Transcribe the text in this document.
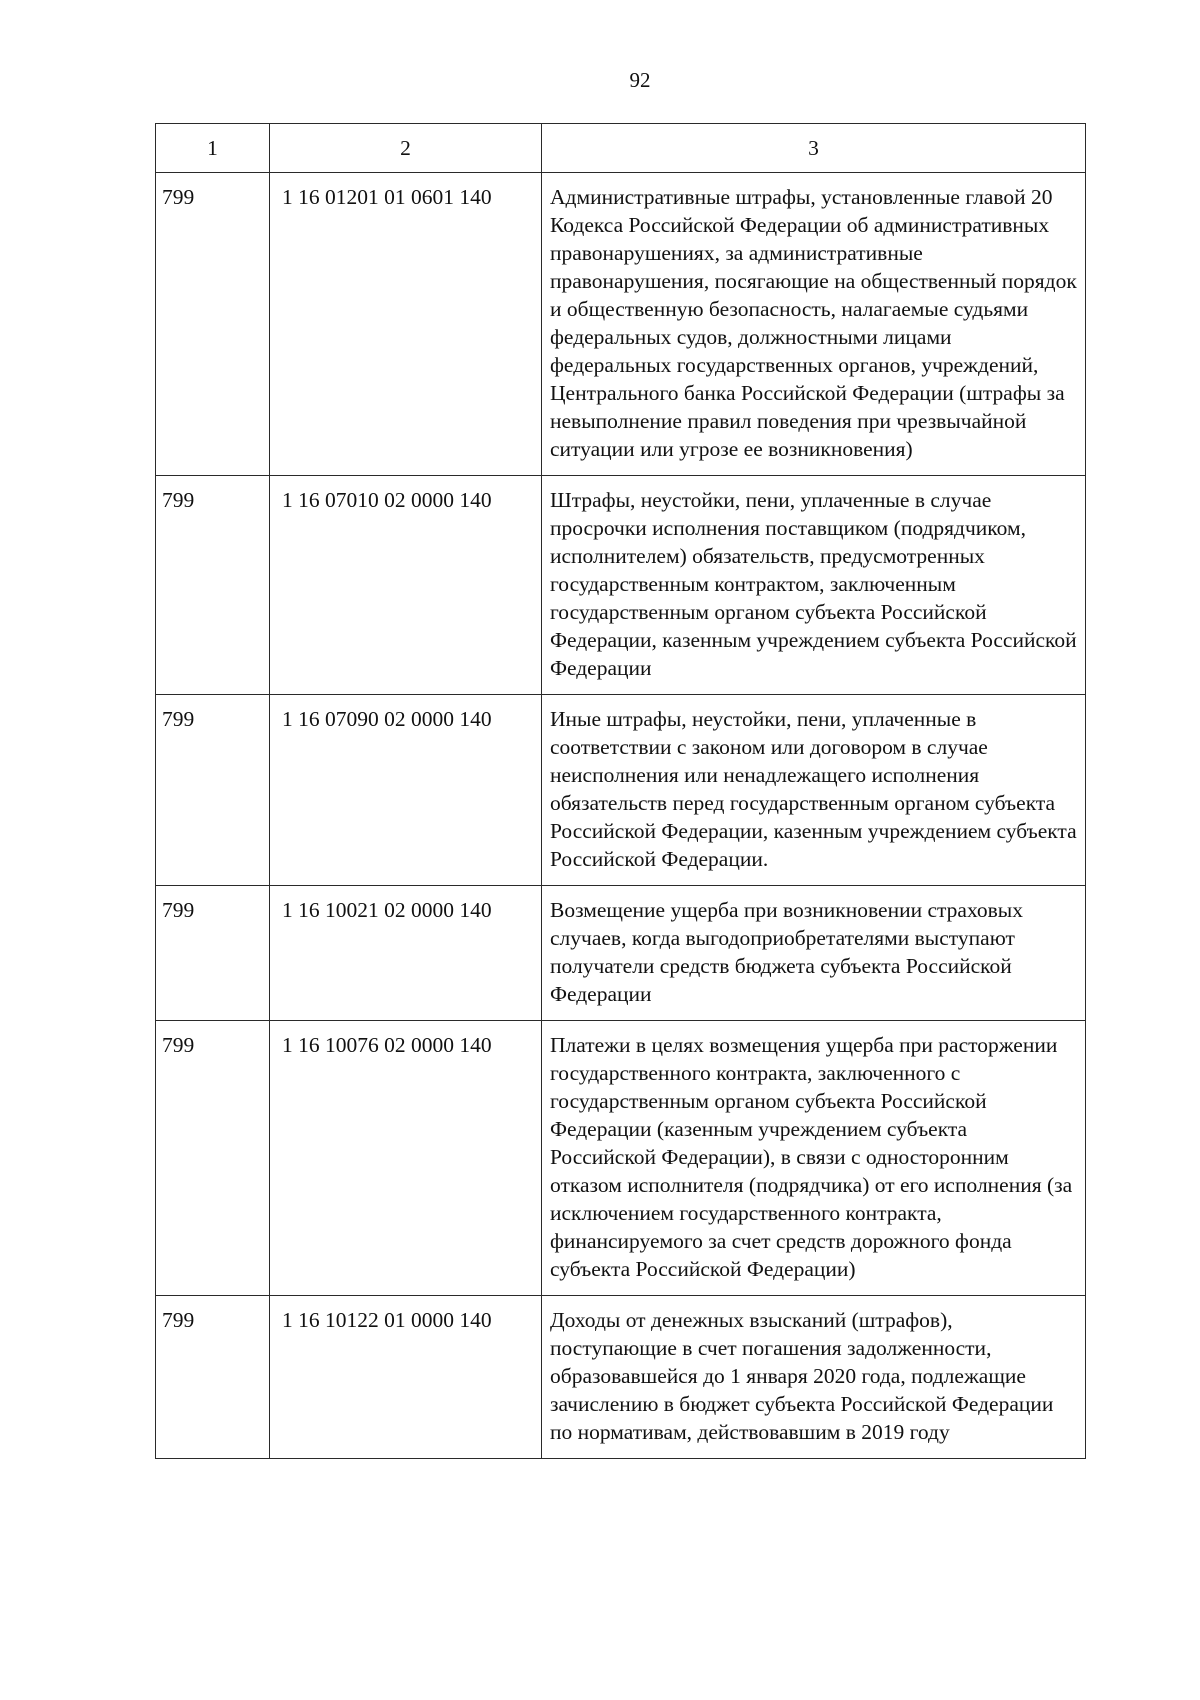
92
1	2	3
799	1 16 01201 01 0601 140	Административные штрафы, установленные главой 20 Кодекса Российской Федерации об административных правонарушениях, за административные правонарушения, посягающие на общественный порядок и общественную безопасность, налагаемые судьями федеральных судов, должностными лицами федеральных государственных органов, учреждений, Центрального банка Российской Федерации (штрафы за невыполнение правил поведения при чрезвычайной ситуации или угрозе ее возникновения)
799	1 16 07010 02 0000 140	Штрафы, неустойки, пени, уплаченные в случае просрочки исполнения поставщиком (подрядчиком, исполнителем) обязательств, предусмотренных государственным контрактом, заключенным государственным органом субъекта Российской Федерации, казенным учреждением субъекта Российской Федерации
799	1 16 07090 02 0000 140	Иные штрафы, неустойки, пени, уплаченные в соответствии с законом или договором в случае неисполнения или ненадлежащего исполнения обязательств перед государственным органом субъекта Российской Федерации, казенным учреждением субъекта Российской Федерации.
799	1 16 10021 02 0000 140	Возмещение ущерба при возникновении страховых случаев, когда выгодоприобретателями выступают получатели средств бюджета субъекта Российской Федерации
799	1 16 10076 02 0000 140	Платежи в целях возмещения ущерба при расторжении государственного контракта, заключенного с государственным органом субъекта Российской Федерации (казенным учреждением субъекта Российской Федерации), в связи с односторонним отказом исполнителя (подрядчика) от его исполнения (за исключением государственного контракта, финансируемого за счет средств дорожного фонда субъекта Российской Федерации)
799	1 16 10122 01 0000 140	Доходы от денежных взысканий (штрафов), поступающие в счет погашения задолженности, образовавшейся до 1 января 2020 года, подлежащие зачислению в бюджет субъекта Российской Федерации по нормативам, действовавшим в 2019 году
